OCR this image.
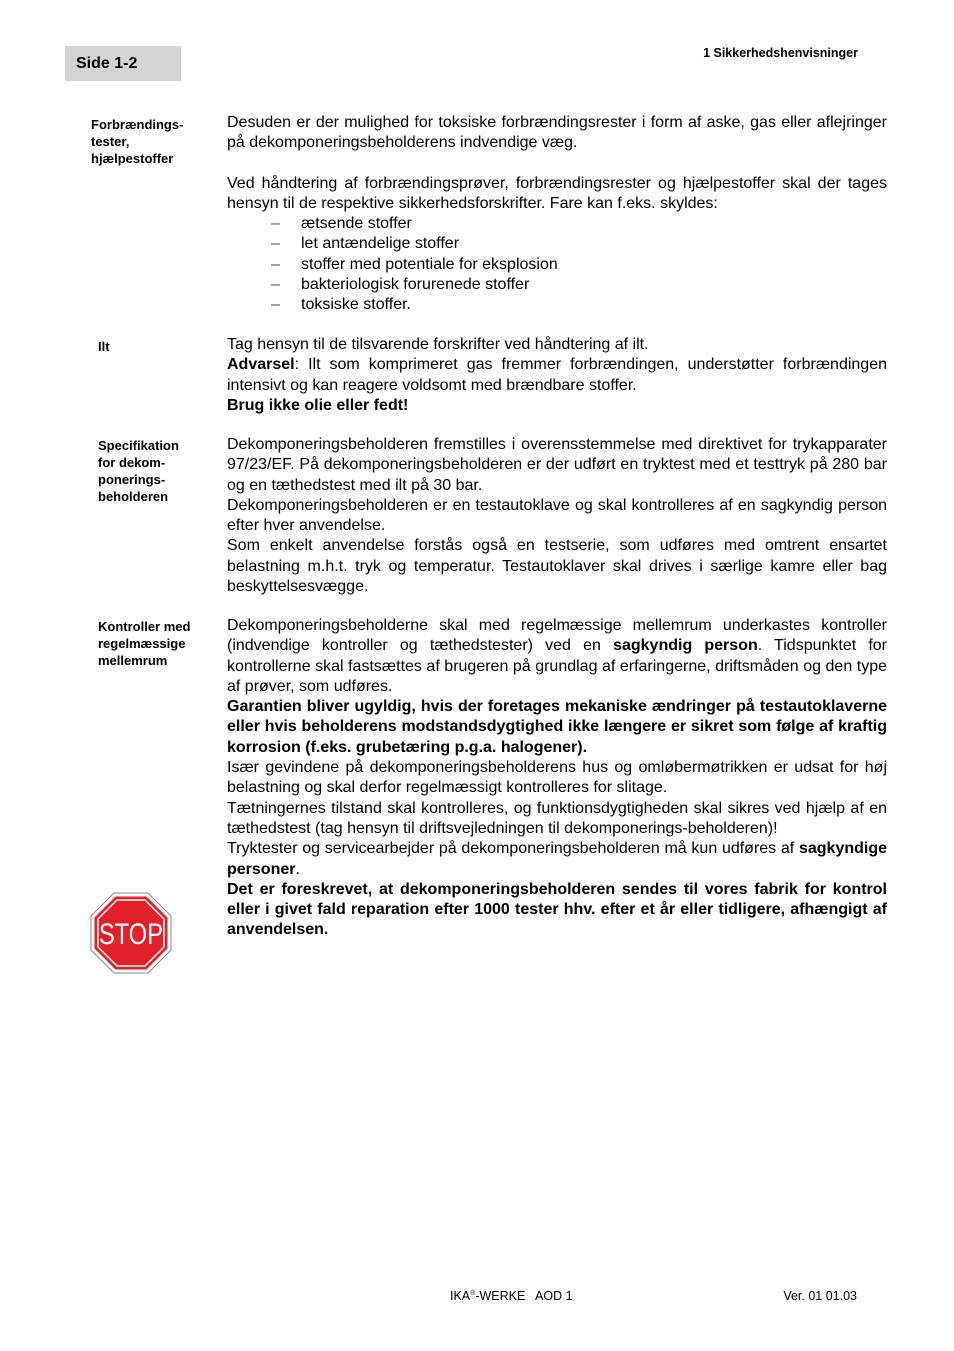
Side 1-2
1 Sikkerhedshenvisninger
Forbrændings-
tester,
hjælpestoffer

Desuden er der mulighed for toksiske forbrændingsrester i form af aske, gas eller aflejringer på dekomponeringsbeholderens indvendige væg.

Ved håndtering af forbrændingsprøver, forbrændingsrester og hjælpestoffer skal der tages hensyn til de respektive sikkerhedsforskrifter. Fare kan f.eks. skyldes:

– ætsende stoffer
– let antændelige stoffer
– stoffer med potentiale for eksplosion
– bakteriologisk forurenede stoffer
– toksiske stoffer.
Ilt	Tag hensyn til de tilsvarende forskrifter ved håndtering af ilt.

Advarsel: Ilt som komprimeret gas fremmer forbrændingen, understøtter forbrændingen intensivt og kan reagere voldsomt med brændbare stoffer.

Brug ikke olie eller fedt!

Specifikation
for dekom-
ponerings-
beholderen

Dekomponeringsbeholderen fremstilles i overensstemmelse med direktivet for trykapparater 97/23/EF. På dekomponeringsbeholderen er der udført en tryktest med et testtryk på 280 bar og en tæthedstest med ilt på 30 bar.

Dekomponeringsbeholderen er en testautoklave og skal kontrolleres af en sagkyndig person efter hver anvendelse.

Som enkelt anvendelse forstås også en testserie, som udføres med omtrent ensartet belastning m.h.t. tryk og temperatur. Testautoklaver skal drives i særlige kamre eller bag beskyttelsesvægge.

Kontroller med
regelmæssige
mellemrum

Dekomponeringsbeholderne skal med regelmæssige mellemrum underkastes kontroller (indvendige kontroller og tæthedstester) ved en sagkyndig person. Tidspunktet for kontrollerne skal fastsættes af brugeren på grundlag af erfaringerne, driftsmåden og den type af prøver, som udføres.

Garantien bliver ugyldig, hvis der foretages mekaniske ændringer på testautoklaverne eller hvis beholderens modstandsdygtighed ikke længere er sikret som følge af kraftig korrosion (f.eks. grubetæring p.g.a. halogener).

Især gevindene på dekomponeringsbeholderens hus og omløbermøtrikken er udsat for høj belastning og skal derfor regelmæssigt kontrolleres for slitage.

Tætningernes tilstand skal kontrolleres, og funktionsdygtigheden skal sikres ved hjælp af en tæthedstest (tag hensyn til driftsvejledningen til dekomponerings-beholderen)!

Tryktester og servicearbejder på dekomponeringsbeholderen må kun udføres af sagkyndige personer.

Det er foreskrevet, at dekomponeringsbeholderen sendes til vores fabrik for kontrol eller i givet fald reparation efter 1000 tester hhv. efter et år eller tidligere, afhængigt af anvendelsen.

STOP
IKA®-WERKE   AOD 1	Ver. 01 01.03
